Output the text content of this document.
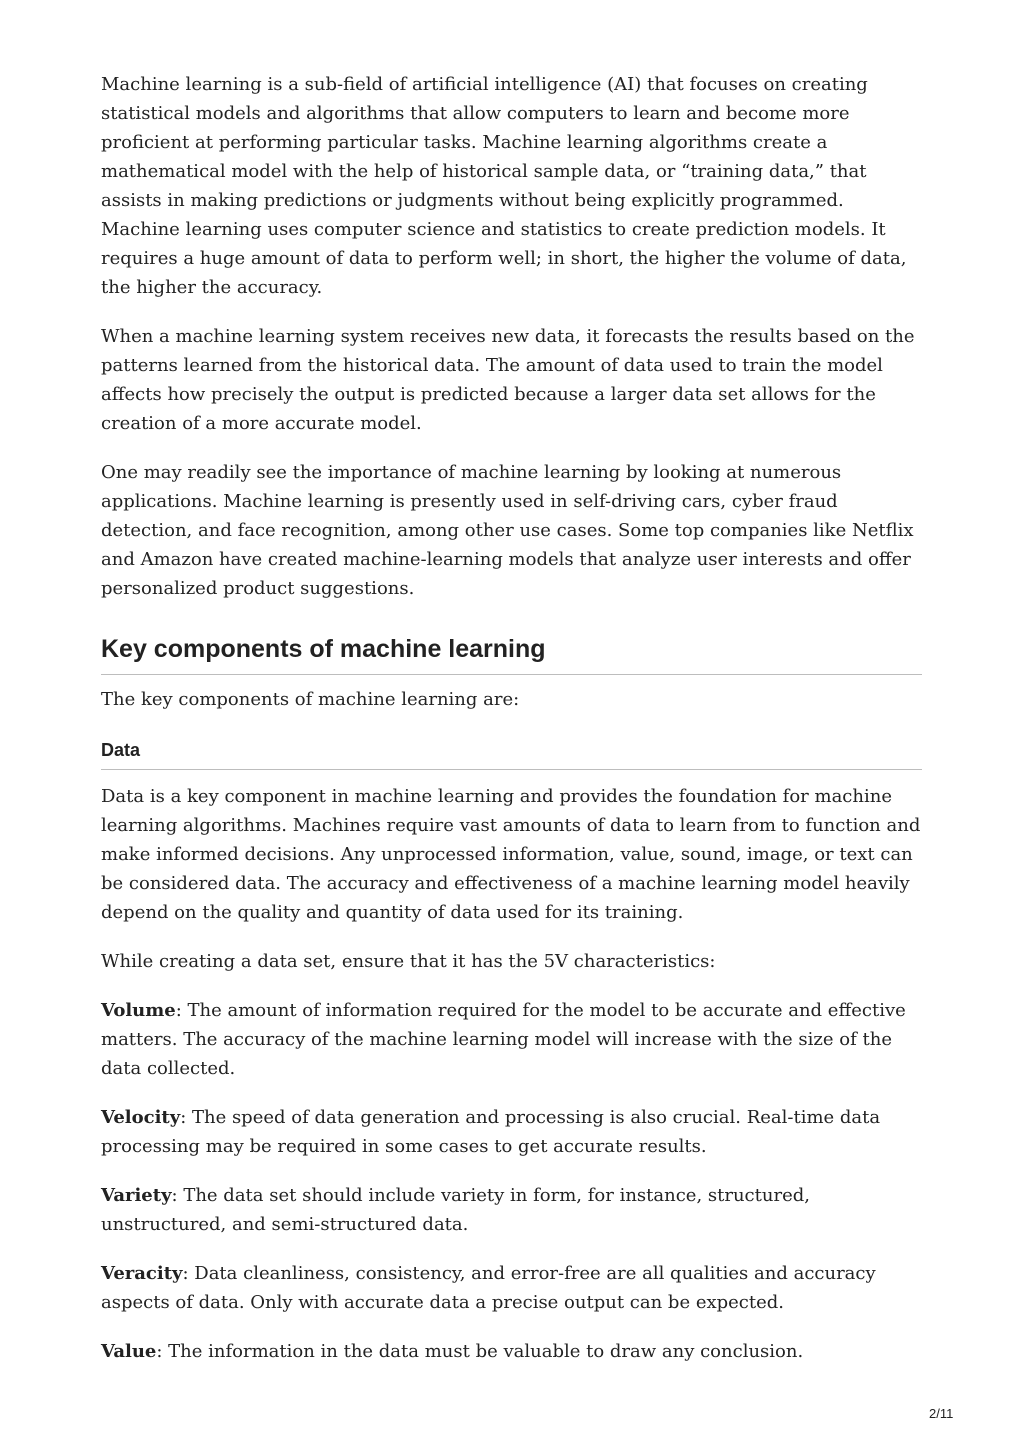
Machine learning is a sub-field of artificial intelligence (AI) that focuses on creating statistical models and algorithms that allow computers to learn and become more proficient at performing particular tasks. Machine learning algorithms create a mathematical model with the help of historical sample data, or “training data,” that assists in making predictions or judgments without being explicitly programmed. Machine learning uses computer science and statistics to create prediction models. It requires a huge amount of data to perform well; in short, the higher the volume of data, the higher the accuracy.

When a machine learning system receives new data, it forecasts the results based on the patterns learned from the historical data. The amount of data used to train the model affects how precisely the output is predicted because a larger data set allows for the creation of a more accurate model.

One may readily see the importance of machine learning by looking at numerous applications. Machine learning is presently used in self-driving cars, cyber fraud detection, and face recognition, among other use cases. Some top companies like Netflix and Amazon have created machine-learning models that analyze user interests and offer personalized product suggestions.

Key components of machine learning

The key components of machine learning are:

Data

Data is a key component in machine learning and provides the foundation for machine learning algorithms. Machines require vast amounts of data to learn from to function and make informed decisions. Any unprocessed information, value, sound, image, or text can be considered data. The accuracy and effectiveness of a machine learning model heavily depend on the quality and quantity of data used for its training.

While creating a data set, ensure that it has the 5V characteristics:

Volume: The amount of information required for the model to be accurate and effective matters. The accuracy of the machine learning model will increase with the size of the data collected.

Velocity: The speed of data generation and processing is also crucial. Real-time data processing may be required in some cases to get accurate results.

Variety: The data set should include variety in form, for instance, structured, unstructured, and semi-structured data.

Veracity: Data cleanliness, consistency, and error-free are all qualities and accuracy aspects of data. Only with accurate data a precise output can be expected.

Value: The information in the data must be valuable to draw any conclusion.

2/11
